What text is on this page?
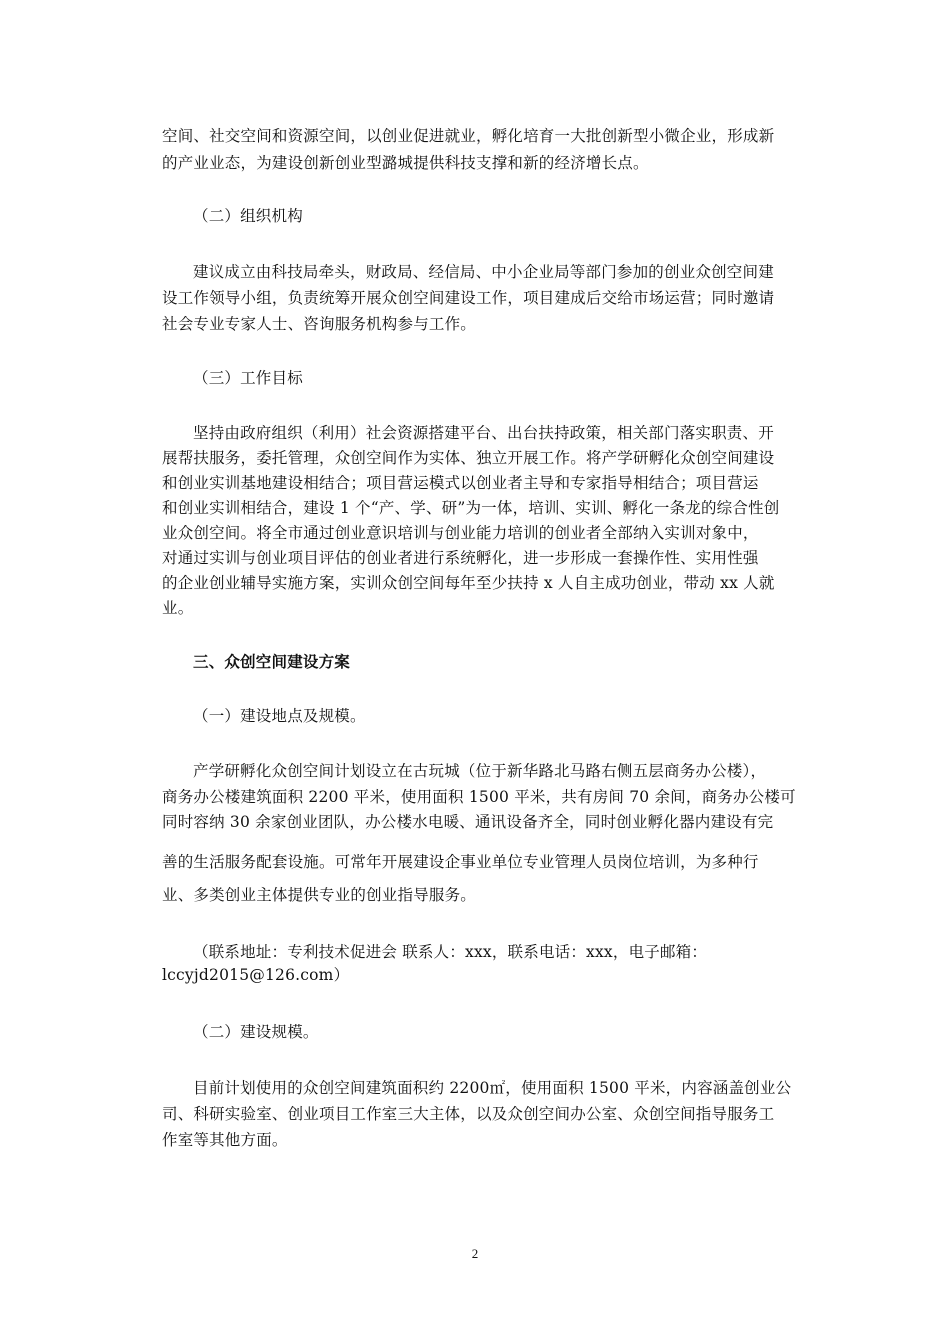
空间、社交空间和资源空间，以创业促进就业，孵化培育一大批创新型小微企业，形成新
的产业业态，为建设创新创业型潞城提供科技支撑和新的经济增长点。
（二）组织机构
建议成立由科技局牵头，财政局、经信局、中小企业局等部门参加的创业众创空间建
设工作领导小组，负责统筹开展众创空间建设工作，项目建成后交给市场运营；同时邀请
社会专业专家人士、咨询服务机构参与工作。
（三）工作目标
坚持由政府组织（利用）社会资源搭建平台、出台扶持政策，相关部门落实职责、开
展帮扶服务，委托管理，众创空间作为实体、独立开展工作。将产学研孵化众创空间建设
和创业实训基地建设相结合；项目营运模式以创业者主导和专家指导相结合；项目营运
和创业实训相结合，建设 1 个“产、学、研”为一体，培训、实训、孵化一条龙的综合性创
业众创空间。将全市通过创业意识培训与创业能力培训的创业者全部纳入实训对象中，
对通过实训与创业项目评估的创业者进行系统孵化，进一步形成一套操作性、实用性强
的企业创业辅导实施方案，实训众创空间每年至少扶持 x 人自主成功创业，带动 xx 人就
业。
三、众创空间建设方案
（一）建设地点及规模。
产学研孵化众创空间计划设立在古玩城（位于新华路北马路右侧五层商务办公楼），
商务办公楼建筑面积 2200 平米，使用面积 1500 平米，共有房间 70 余间，商务办公楼可
同时容纳 30 余家创业团队，办公楼水电暖、通讯设备齐全，同时创业孵化器内建设有完
善的生活服务配套设施。可常年开展建设企事业单位专业管理人员岗位培训，为多种行
业、多类创业主体提供专业的创业指导服务。
（联系地址：专利技术促进会 联系人：xxx，联系电话：xxx，电子邮箱：
lccyjd2015@126.com）
（二）建设规模。
目前计划使用的众创空间建筑面积约 2200㎡，使用面积 1500 平米，内容涵盖创业公
司、科研实验室、创业项目工作室三大主体，以及众创空间办公室、众创空间指导服务工
作室等其他方面。
2
